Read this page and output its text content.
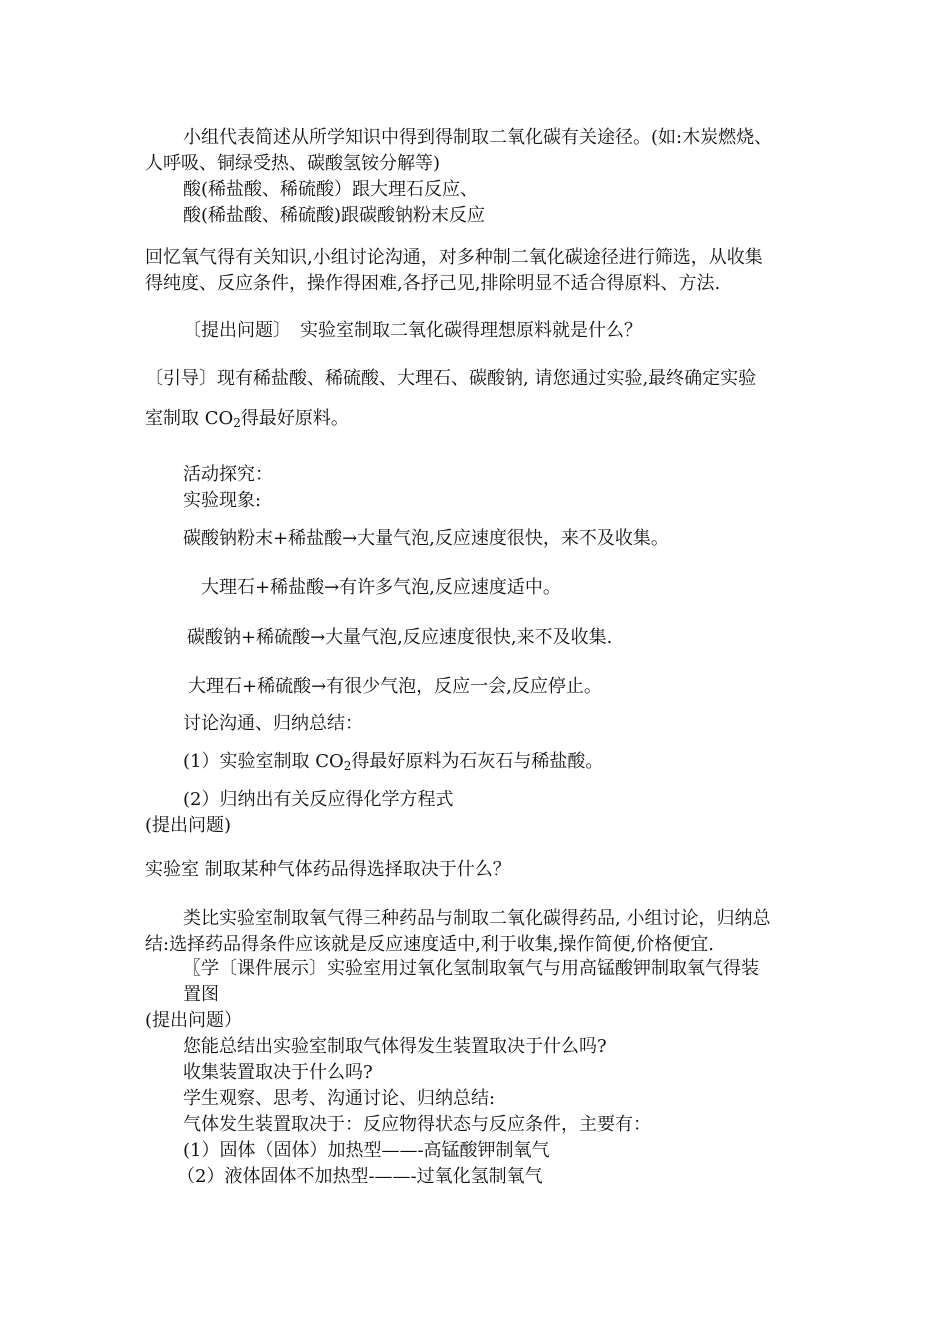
小组代表简述从所学知识中得到得制取二氧化碳有关途径。(如:木炭燃烧、
人呼吸、铜绿受热、碳酸氢铵分解等)
酸(稀盐酸、稀硫酸）跟大理石反应、
酸(稀盐酸、稀硫酸)跟碳酸钠粉末反应
回忆氧气得有关知识,小组讨论沟通，对多种制二氧化碳途径进行筛选，从收集
得纯度、反应条件，操作得困难,各抒己见,排除明显不适合得原料、方法.

〔提出问题〕　实验室制取二氧化碳得理想原料就是什么？

〔引导〕现有稀盐酸、稀硫酸、大理石、碳酸钠, 请您通过实验,最终确定实验
室制取 $CO_2$得最好原料。
活动探究：
实验现象:

碳酸钠粉末+稀盐酸→大量气泡,反应速度很快，来不及收集。

大理石+稀盐酸→有许多气泡,反应速度适中。

碳酸钠+稀硫酸→大量气泡,反应速度很快,来不及收集.

大理石+稀硫酸→有很少气泡，反应一会,反应停止。

讨论沟通、归纳总结：

(1）实验室制取 $CO_2$得最好原料为石灰石与稀盐酸。

(2）归纳出有关反应得化学方程式
(提出问题)

实验室 制取某种气体药品得选择取决于什么？

类比实验室制取氧气得三种药品与制取二氧化碳得药品, 小组讨论，归纳总
结:选择药品得条件应该就是反应速度适中,利于收集,操作简便,价格便宜.
〖学〔课件展示〕实验室用过氧化氢制取氧气与用高锰酸钾制取氧气得装
置图
(提出问题）
您能总结出实验室制取气体得发生装置取决于什么吗?
收集装置取决于什么吗?
学生观察、思考、沟通讨论、归纳总结:
气体发生装置取决于：反应物得状态与反应条件，主要有：
(1）固体（固体）加热型——-高锰酸钾制氧气
（2）液体固体不加热型-——-过氧化氢制氧气
